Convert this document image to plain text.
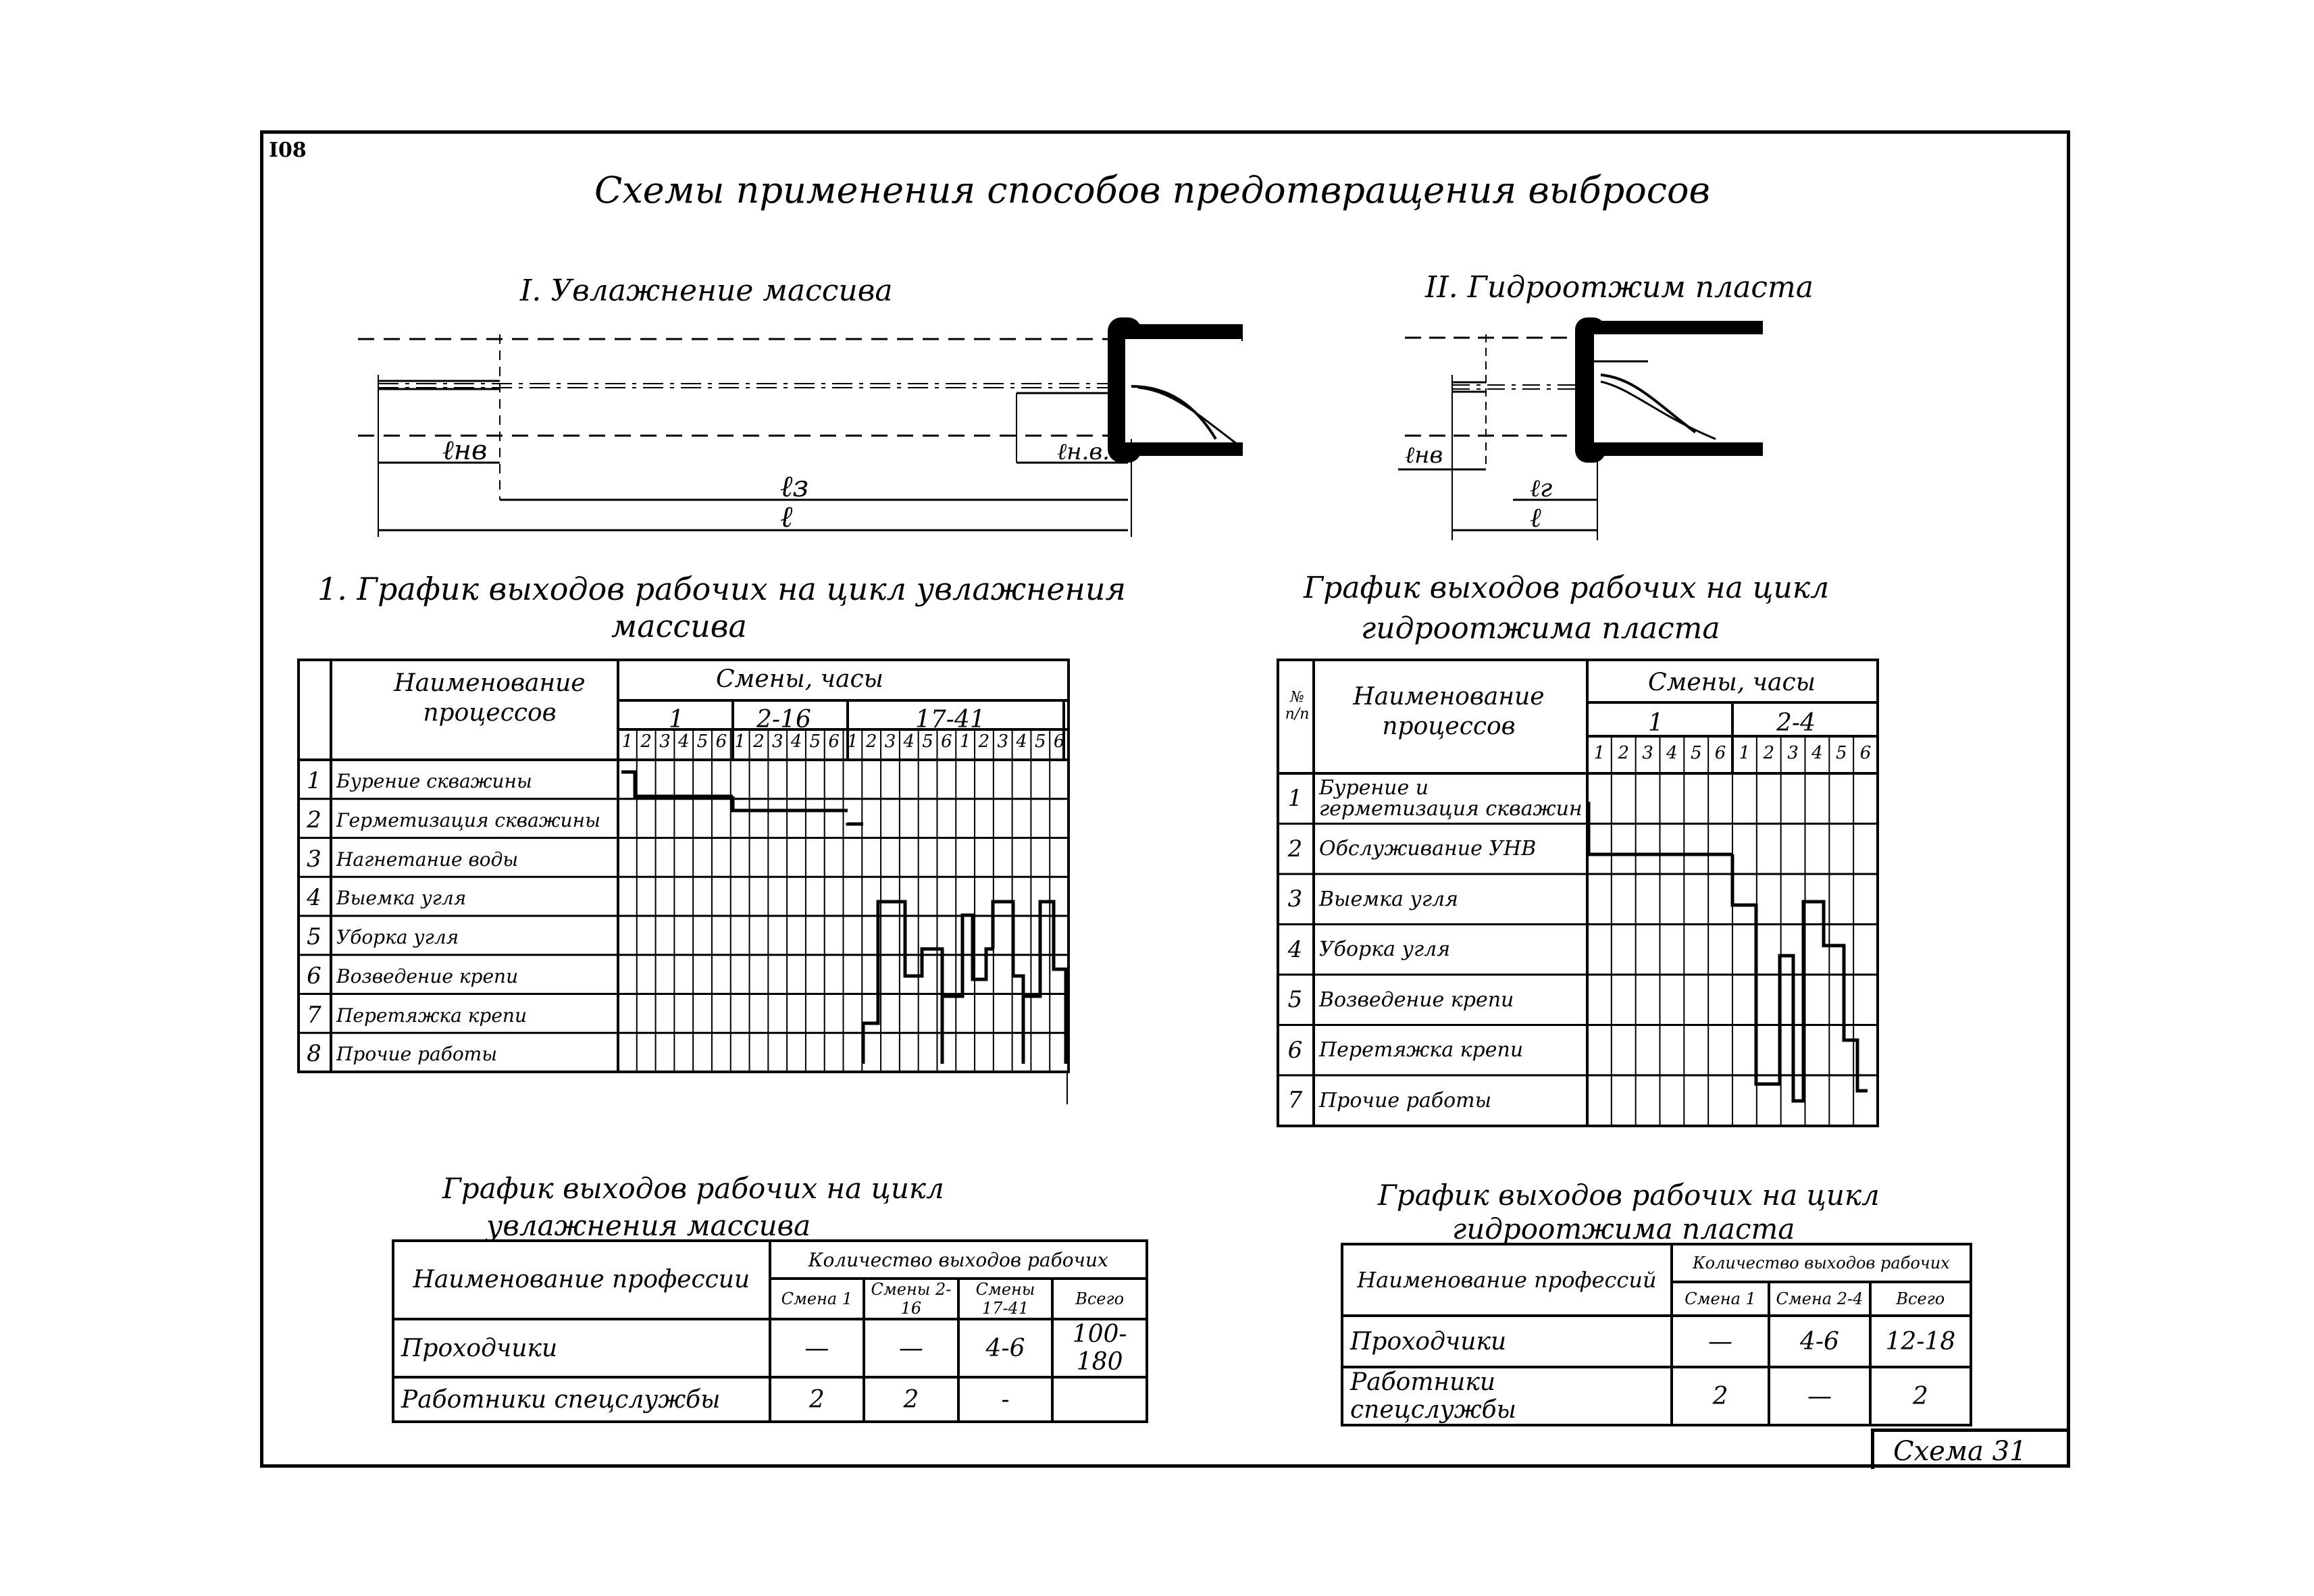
I08
Схемы применения способов предотвращения выбросов
I. Увлажнение массива
ℓнв	ℓн.в.
ℓз
ℓ
II. Гидроотжим пласта
ℓнв
ℓг
ℓ
1. График выходов рабочих на цикл увлажнения
массива
Наименование процессов
Смены, часы
1	2-16	17-41
1 2 3 4 5 6 1 2 3 4 5 6 1 2 3 4 5 6 1 2 3 4 5 6
1 Бурение скважины
2 Герметизация скважины
3 Нагнетание воды
4 Выемка угля
5 Уборка угля
6 Возведение крепи
7 Перетяжка крепи
8 Прочие работы
График выходов рабочих на цикл
гидроотжима пласта
№ п/п
Наименование процессов
Смены, часы
1	2-4
1 2 3 4 5 6 1 2 3 4 5 6
1 Бурение и герметизация скважин
2 Обслуживание УНВ
3 Выемка угля
4 Уборка угля
5 Возведение крепи
6 Перетяжка крепи
7 Прочие работы
График выходов рабочих на цикл
увлажнения массива
Наименование профессии	Количество выходов рабочих			
	Смена 1	Смены 2-16	Смены 17-41	Всего
Проходчики	—	—	4-6	100-180
Работники спецслужбы	2	2	-	
График выходов рабочих на цикл
гидроотжима пласта
Наименование профессий	Количество выходов рабочих		
	Смена 1	Смена 2-4	Всего
Проходчики	—	4-6	12-18
Работники спецслужбы	2	—	2
Схема 31
